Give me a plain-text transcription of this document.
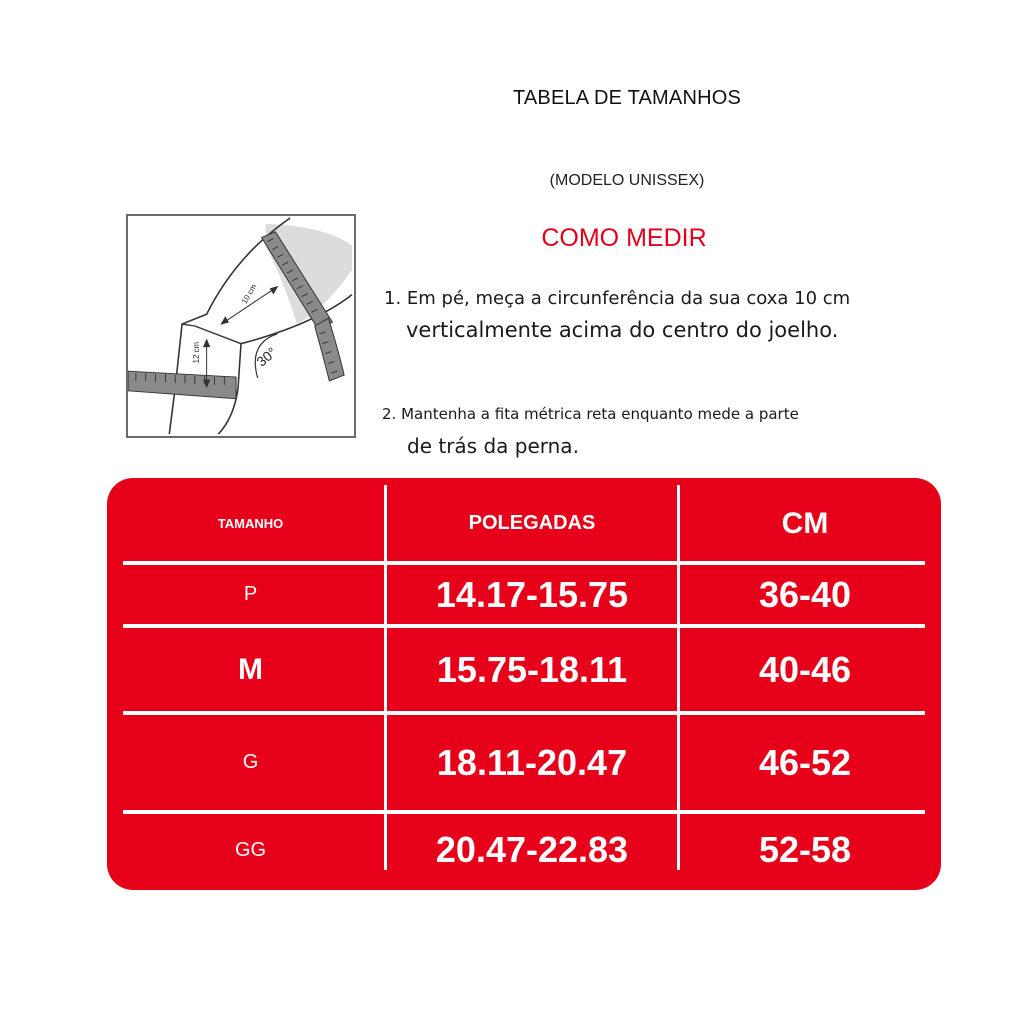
TABELA DE TAMANHOS
(MODELO UNISSEX)
COMO MEDIR
1. Em pé, meça a circunferência da sua coxa 10 cm
verticalmente acima do centro do joelho.
2. Mantenha a fita métrica reta enquanto mede a parte
de trás da perna.
10 cm
12 cm	30°
TAMANHO	POLEGADAS	CM
P	14.17-15.75	36-40
M	15.75-18.11	40-46
G	18.11-20.47	46-52
GG	20.47-22.83	52-58
